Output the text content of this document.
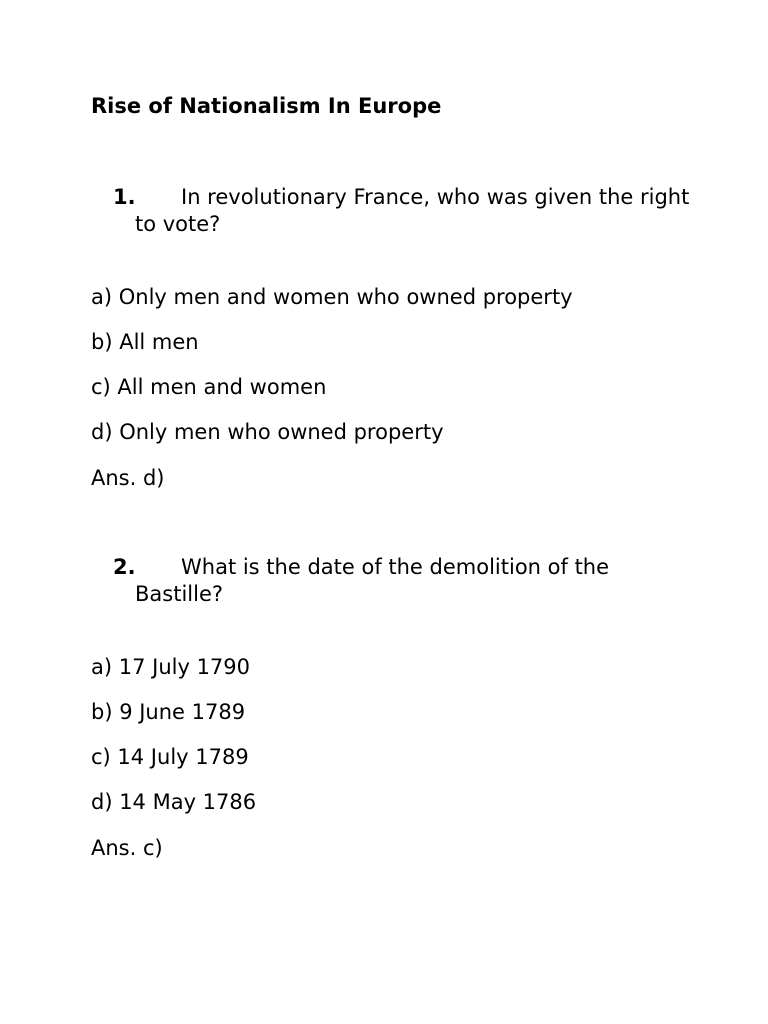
Rise of Nationalism In Europe
1.	In revolutionary France, who was given the right to vote?

a) Only men and women who owned property

b) All men

c) All men and women

d) Only men who owned property

Ans. d)

2.	What is the date of the demolition of the Bastille?

a) 17 July 1790

b) 9 June 1789

c) 14 July 1789

d) 14 May 1786

Ans. c)
